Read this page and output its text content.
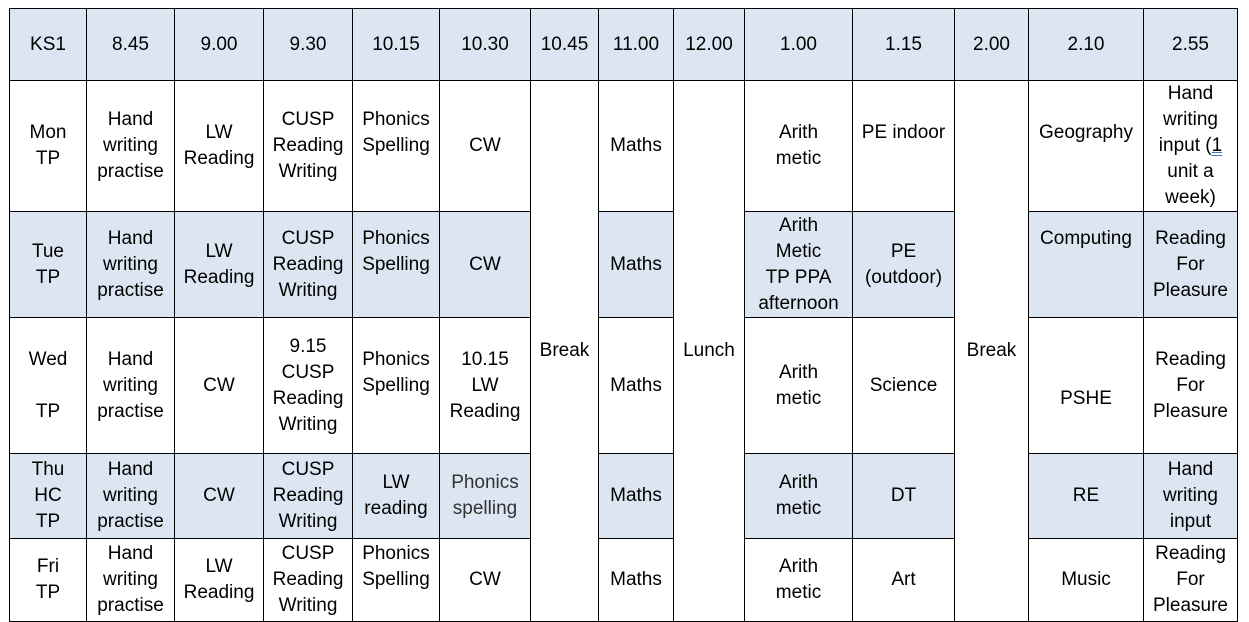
KS1	8.45	9.00	9.30	10.15	10.30	10.45	11.00	12.00	1.00	1.15	2.00	2.10	2.55
Mon
TP	Hand
writing
practise	LW
Reading	CUSP
Reading
Writing	Phonics
Spelling	CW	Break	Maths	Lunch	Arith
metic	PE indoor	Break	Geography	Hand
writing
input (1
unit a
week)
Tue
TP	Hand
writing
practise	LW
Reading	CUSP
Reading
Writing	Phonics
Spelling	CW		Maths		Arith
Metic
TP PPA
afternoon	PE
(outdoor)		Computing	Reading
For
Pleasure
Wed

TP	Hand
writing
practise	CW	9.15
CUSP
Reading
Writing	Phonics
Spelling	10.15
LW
Reading		Maths		Arith
metic	Science		PSHE	Reading
For
Pleasure
Thu
HC
TP	Hand
writing
practise	CW	CUSP
Reading
Writing	LW
reading	Phonics
spelling		Maths		Arith
metic	DT		RE	Hand
writing
input
Fri
TP	Hand
writing
practise	LW
Reading	CUSP
Reading
Writing	Phonics
Spelling	CW		Maths		Arith
metic	Art		Music	Reading
For
Pleasure
